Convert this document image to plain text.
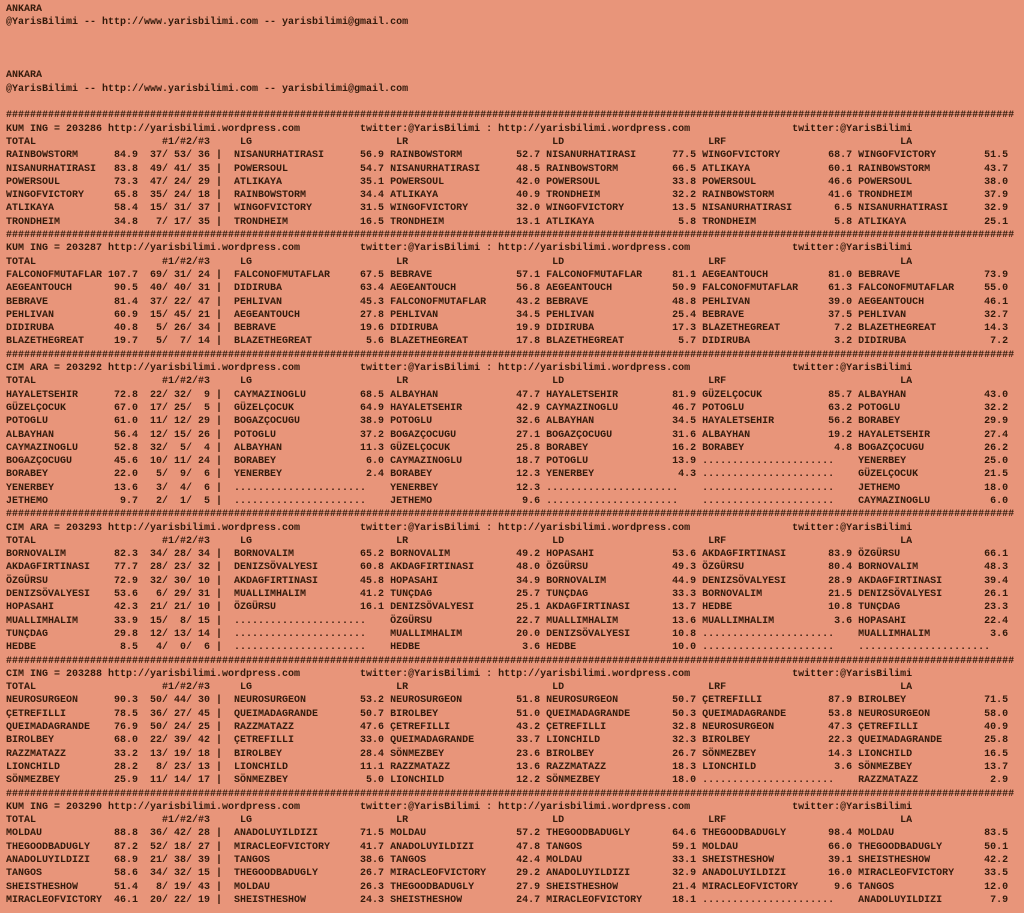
ANKARA
@YarisBilimi -- http://www.yarisbilimi.com -- yarisbilimi@gmail.com

ANKARA
@YarisBilimi -- http://www.yarisbilimi.com -- yarisbilimi@gmail.com

########################################################################################################################################################################
KUM ING = 203286 http://yarisbilimi.wordpress.com          twitter:@YarisBilimi : http://yarisbilimi.wordpress.com                 twitter:@YarisBilimi
TOTAL                     #1/#2/#3     LG                        LR                        LD                        LRF                             LA
RAINBOWSTORM      84.9  37/ 53/ 36 |  NISANURHATIRASI      56.9 RAINBOWSTORM         52.7 NISANURHATIRASI      77.5 WINGOFVICTORY        68.7 WINGOFVICTORY        51.5
NISANURHATIRASI   83.8  49/ 41/ 35 |  POWERSOUL            54.7 NISANURHATIRASI      48.5 RAINBOWSTORM         66.5 ATLIKAYA             60.1 RAINBOWSTORM         43.7
POWERSOUL         73.3  47/ 24/ 29 |  ATLIKAYA             35.1 POWERSOUL            42.0 POWERSOUL            33.8 POWERSOUL            46.6 POWERSOUL            38.0
WINGOFVICTORY     65.8  35/ 24/ 18 |  RAINBOWSTORM         34.4 ATLIKAYA             40.9 TRONDHEIM            32.2 RAINBOWSTORM         41.6 TRONDHEIM            37.9
ATLIKAYA          58.4  15/ 31/ 37 |  WINGOFVICTORY        31.5 WINGOFVICTORY        32.0 WINGOFVICTORY        13.5 NISANURHATIRASI       6.5 NISANURHATIRASI      32.9
TRONDHEIM         34.8   7/ 17/ 35 |  TRONDHEIM            16.5 TRONDHEIM            13.1 ATLIKAYA              5.8 TRONDHEIM             5.8 ATLIKAYA             25.1
########################################################################################################################################################################
KUM ING = 203287 http://yarisbilimi.wordpress.com          twitter:@YarisBilimi : http://yarisbilimi.wordpress.com                 twitter:@YarisBilimi
TOTAL                     #1/#2/#3     LG                        LR                        LD                        LRF                             LA
FALCONOFMUTAFLAR 107.7  69/ 31/ 24 |  FALCONOFMUTAFLAR     67.5 BEBRAVE              57.1 FALCONOFMUTAFLAR     81.1 AEGEANTOUCH          81.0 BEBRAVE              73.9
AEGEANTOUCH       90.5  40/ 40/ 31 |  DIDIRUBA             63.4 AEGEANTOUCH          56.8 AEGEANTOUCH          50.9 FALCONOFMUTAFLAR     61.3 FALCONOFMUTAFLAR     55.0
BEBRAVE           81.4  37/ 22/ 47 |  PEHLIVAN             45.3 FALCONOFMUTAFLAR     43.2 BEBRAVE              48.8 PEHLIVAN             39.0 AEGEANTOUCH          46.1
PEHLIVAN          60.9  15/ 45/ 21 |  AEGEANTOUCH          27.8 PEHLIVAN             34.5 PEHLIVAN             25.4 BEBRAVE              37.5 PEHLIVAN             32.7
DIDIRUBA          40.8   5/ 26/ 34 |  BEBRAVE              19.6 DIDIRUBA             19.9 DIDIRUBA             17.3 BLAZETHEGREAT         7.2 BLAZETHEGREAT        14.3
BLAZETHEGREAT     19.7   5/  7/ 14 |  BLAZETHEGREAT         5.6 BLAZETHEGREAT        17.8 BLAZETHEGREAT         5.7 DIDIRUBA              3.2 DIDIRUBA              7.2
########################################################################################################################################################################
CIM ARA = 203292 http://yarisbilimi.wordpress.com          twitter:@YarisBilimi : http://yarisbilimi.wordpress.com                 twitter:@YarisBilimi
TOTAL                     #1/#2/#3     LG                        LR                        LD                        LRF                             LA
HAYALETSEHIR      72.8  22/ 32/  9 |  CAYMAZINOGLU         68.5 ALBAYHAN             47.7 HAYALETSEHIR         81.9 GÜZELÇOCUK           85.7 ALBAYHAN             43.0
GÜZELÇOCUK        67.0  17/ 25/  5 |  GÜZELÇOCUK           64.9 HAYALETSEHIR         42.9 CAYMAZINOGLU         46.7 POTOGLU              63.2 POTOGLU              32.2
POTOGLU           61.0  11/ 12/ 29 |  BOGAZÇOCUGU          38.9 POTOGLU              32.6 ALBAYHAN             34.5 HAYALETSEHIR         56.2 BORABEY              29.9
ALBAYHAN          56.4  12/ 15/ 26 |  POTOGLU              37.2 BOGAZÇOCUGU          27.1 BOGAZÇOCUGU          31.6 ALBAYHAN             19.2 HAYALETSEHIR         27.4
CAYMAZINOGLU      52.8  32/  5/  4 |  ALBAYHAN             11.3 GÜZELÇOCUK           25.8 BORABEY              16.2 BORABEY               4.8 BOGAZÇOCUGU          26.2
BOGAZÇOCUGU       45.6  10/ 11/ 24 |  BORABEY               6.0 CAYMAZINOGLU         18.7 POTOGLU              13.9 ......................    YENERBEY             25.0
BORABEY           22.0   5/  9/  6 |  YENERBEY              2.4 BORABEY              12.3 YENERBEY              4.3 ......................    GÜZELÇOCUK           21.5
YENERBEY          13.6   3/  4/  6 |  ......................    YENERBEY             12.3 ......................    ......................    JETHEMO              18.0
JETHEMO            9.7   2/  1/  5 |  ......................    JETHEMO               9.6 ......................    ......................    CAYMAZINOGLU          6.0
########################################################################################################################################################################
CIM ARA = 203293 http://yarisbilimi.wordpress.com          twitter:@YarisBilimi : http://yarisbilimi.wordpress.com                 twitter:@YarisBilimi
TOTAL                     #1/#2/#3     LG                        LR                        LD                        LRF                             LA
BORNOVALIM        82.3  34/ 28/ 34 |  BORNOVALIM           65.2 BORNOVALIM           49.2 HOPASAHI             53.6 AKDAGFIRTINASI       83.9 ÖZGÜRSU              66.1
AKDAGFIRTINASI    77.7  28/ 23/ 32 |  DENIZSÖVALYESI       60.8 AKDAGFIRTINASI       48.0 ÖZGÜRSU              49.3 ÖZGÜRSU              80.4 BORNOVALIM           48.3
ÖZGÜRSU           72.9  32/ 30/ 10 |  AKDAGFIRTINASI       45.8 HOPASAHI             34.9 BORNOVALIM           44.9 DENIZSÖVALYESI       28.9 AKDAGFIRTINASI       39.4
DENIZSÖVALYESI    53.6   6/ 29/ 31 |  MUALLIMHALIM         41.2 TUNÇDAG              25.7 TUNÇDAG              33.3 BORNOVALIM           21.5 DENIZSÖVALYESI       26.1
HOPASAHI          42.3  21/ 21/ 10 |  ÖZGÜRSU              16.1 DENIZSÖVALYESI       25.1 AKDAGFIRTINASI       13.7 HEDBE                10.8 TUNÇDAG              23.3
MUALLIMHALIM      33.9  15/  8/ 15 |  ......................    ÖZGÜRSU              22.7 MUALLIMHALIM         13.6 MUALLIMHALIM          3.6 HOPASAHI             22.4
TUNÇDAG           29.8  12/ 13/ 14 |  ......................    MUALLIMHALIM         20.0 DENIZSÖVALYESI       10.8 ......................    MUALLIMHALIM          3.6
HEDBE              8.5   4/  0/  6 |  ......................    HEDBE                 3.6 HEDBE                10.0 ......................    ......................
########################################################################################################################################################################
CIM ING = 203288 http://yarisbilimi.wordpress.com          twitter:@YarisBilimi : http://yarisbilimi.wordpress.com                 twitter:@YarisBilimi
TOTAL                     #1/#2/#3     LG                        LR                        LD                        LRF                             LA
NEUROSURGEON      90.3  50/ 44/ 30 |  NEUROSURGEON         53.2 NEUROSURGEON         51.8 NEUROSURGEON         50.7 ÇETREFILLI           87.9 BIROLBEY             71.5
ÇETREFILLI        78.5  36/ 27/ 45 |  QUEIMADAGRANDE       50.7 BIROLBEY             51.0 QUEIMADAGRANDE       50.3 QUEIMADAGRANDE       53.8 NEUROSURGEON         58.0
QUEIMADAGRANDE    76.9  50/ 24/ 25 |  RAZZMATAZZ           47.6 ÇETREFILLI           43.2 ÇETREFILLI           32.8 NEUROSURGEON         47.3 ÇETREFILLI           40.9
BIROLBEY          68.0  22/ 39/ 42 |  ÇETREFILLI           33.0 QUEIMADAGRANDE       33.7 LIONCHILD            32.3 BIROLBEY             22.3 QUEIMADAGRANDE       25.8
RAZZMATAZZ        33.2  13/ 19/ 18 |  BIROLBEY             28.4 SÖNMEZBEY            23.6 BIROLBEY             26.7 SÖNMEZBEY            14.3 LIONCHILD            16.5
LIONCHILD         28.2   8/ 23/ 13 |  LIONCHILD            11.1 RAZZMATAZZ           13.6 RAZZMATAZZ           18.3 LIONCHILD             3.6 SÖNMEZBEY            13.7
SÖNMEZBEY         25.9  11/ 14/ 17 |  SÖNMEZBEY             5.0 LIONCHILD            12.2 SÖNMEZBEY            18.0 ......................    RAZZMATAZZ            2.9
########################################################################################################################################################################
KUM ING = 203290 http://yarisbilimi.wordpress.com          twitter:@YarisBilimi : http://yarisbilimi.wordpress.com                 twitter:@YarisBilimi
TOTAL                     #1/#2/#3     LG                        LR                        LD                        LRF                             LA
MOLDAU            88.8  36/ 42/ 28 |  ANADOLUYILDIZI       71.5 MOLDAU               57.2 THEGOODBADUGLY       64.6 THEGOODBADUGLY       98.4 MOLDAU               83.5
THEGOODBADUGLY    87.2  52/ 18/ 27 |  MIRACLEOFVICTORY     41.7 ANADOLUYILDIZI       47.8 TANGOS               59.1 MOLDAU               66.0 THEGOODBADUGLY       50.1
ANADOLUYILDIZI    68.9  21/ 38/ 39 |  TANGOS               38.6 TANGOS               42.4 MOLDAU               33.1 SHEISTHESHOW         39.1 SHEISTHESHOW         42.2
TANGOS            58.6  34/ 32/ 15 |  THEGOODBADUGLY       26.7 MIRACLEOFVICTORY     29.2 ANADOLUYILDIZI       32.9 ANADOLUYILDIZI       16.0 MIRACLEOFVICTORY     33.5
SHEISTHESHOW      51.4   8/ 19/ 43 |  MOLDAU               26.3 THEGOODBADUGLY       27.9 SHEISTHESHOW         21.4 MIRACLEOFVICTORY      9.6 TANGOS               12.0
MIRACLEOFVICTORY  46.1  20/ 22/ 19 |  SHEISTHESHOW         24.3 SHEISTHESHOW         24.7 MIRACLEOFVICTORY     18.1 ......................    ANADOLUYILDIZI        7.9
